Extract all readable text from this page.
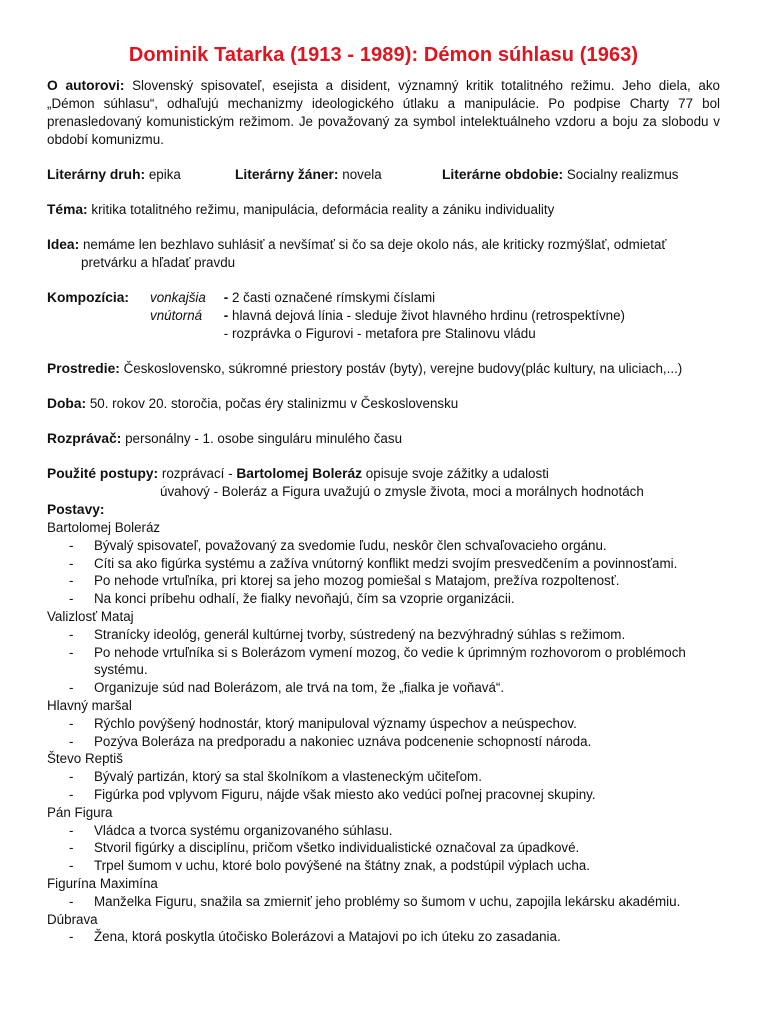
Dominik Tatarka (1913 - 1989): Démon súhlasu (1963)
O autorovi: Slovenský spisovateľ, esejista a disident, významný kritik totalitného režimu. Jeho diela, ako „Démon súhlasu“, odhaľujú mechanizmy ideologického útlaku a manipulácie. Po podpise Charty 77 bol prenasledovaný komunistickým režimom. Je považovaný za symbol intelektuálneho vzdoru a boju za slobodu v období komunizmu.
Literárny druh: epika	Literárny žáner: novela	Literárne obdobie: Socialny realizmus
Téma: kritika totalitného režimu, manipulácia, deformácia reality a zániku individuality
Idea: nemáme len bezhlavo suhlásiť a nevšímať si čo sa deje okolo nás, ale kriticky rozmýšlať, odmietať
pretvárku a hľadať pravdu
Kompozícia:	vonkajšia	- 2 časti označené rímskymi číslami
vnútorná	- hlavná dejová línia - sleduje život hlavného hrdinu (retrospektívne)
- rozprávka o Figurovi - metafora pre Stalinovu vládu
Prostredie: Československo, súkromné priestory postáv (byty), verejne budovy(plác kultury, na uliciach,...)
Doba: 50. rokov 20. storočia, počas éry stalinizmu v Československu
Rozprávač: personálny - 1. osobe singuláru minulého času
Použité postupy: rozprávací - Bartolomej Boleráz opisuje svoje zážitky a udalosti
úvahový - Boleráz a Figura uvažujú o zmysle života, moci a morálnych hodnotách
Postavy:
Bartolomej Boleráz
- Bývalý spisovateľ, považovaný za svedomie ľudu, neskôr člen schvaľovacieho orgánu.
- Cíti sa ako figúrka systému a zažíva vnútorný konflikt medzi svojím presvedčením a povinnosťami.
- Po nehode vrtuľníka, pri ktorej sa jeho mozog pomiešal s Matajom, prežíva rozpoltenosť.
- Na konci príbehu odhalí, že fialky nevoňajú, čím sa vzoprie organizácii.
Valizlosť Mataj
- Stranícky ideológ, generál kultúrnej tvorby, sústredený na bezvýhradný súhlas s režimom.
- Po nehode vrtuľníka si s Bolerázom vymení mozog, čo vedie k úprimným rozhovorom o problémoch systému.
- Organizuje súd nad Bolerázom, ale trvá na tom, že „fialka je voňavá“.
Hlavný maršal
- Rýchlo povýšený hodnostár, ktorý manipuloval významy úspechov a neúspechov.
- Pozýva Boleráza na predporadu a nakoniec uznáva podcenenie schopností národa.
Števo Reptiš
- Bývalý partizán, ktorý sa stal školníkom a vlasteneckým učiteľom.
- Figúrka pod vplyvom Figuru, nájde však miesto ako vedúci poľnej pracovnej skupiny.
Pán Figura
- Vládca a tvorca systému organizovaného súhlasu.
- Stvoril figúrky a disciplínu, pričom všetko individualistické označoval za úpadkové.
- Trpel šumom v uchu, ktoré bolo povýšené na štátny znak, a podstúpil výplach ucha.
Figurína Maximína
- Manželka Figuru, snažila sa zmierniť jeho problémy so šumom v uchu, zapojila lekársku akadémiu.
Dúbrava
- Žena, ktorá poskytla útočisko Bolerázovi a Matajovi po ich úteku zo zasadania.
